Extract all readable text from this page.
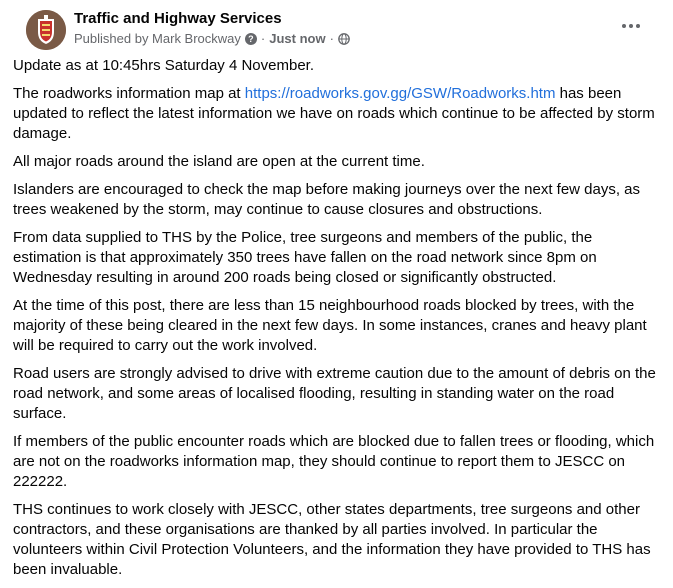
Traffic and Highway Services
Published by Mark Brockway ? · Just now ·

Update as at 10:45hrs Saturday 4 November.

The roadworks information map at https://roadworks.gov.gg/GSW/Roadworks.htm has been updated to reflect the latest information we have on roads which continue to be affected by storm damage.

All major roads around the island are open at the current time.

Islanders are encouraged to check the map before making journeys over the next few days, as trees weakened by the storm, may continue to cause closures and obstructions.

From data supplied to THS by the Police, tree surgeons and members of the public, the estimation is that approximately 350 trees have fallen on the road network since 8pm on Wednesday resulting in around 200 roads being closed or significantly obstructed.

At the time of this post, there are less than 15 neighbourhood roads blocked by trees, with the majority of these being cleared in the next few days. In some instances, cranes and heavy plant will be required to carry out the work involved.

Road users are strongly advised to drive with extreme caution due to the amount of debris on the road network, and some areas of localised flooding, resulting in standing water on the road surface.

If members of the public encounter roads which are blocked due to fallen trees or flooding, which are not on the roadworks information map, they should continue to report them to JESCC on 222222.

THS continues to work closely with JESCC, other states departments, tree surgeons and other contractors, and these organisations are thanked by all parties involved. In particular the volunteers within Civil Protection Volunteers, and the information they have provided to THS has been invaluable.
